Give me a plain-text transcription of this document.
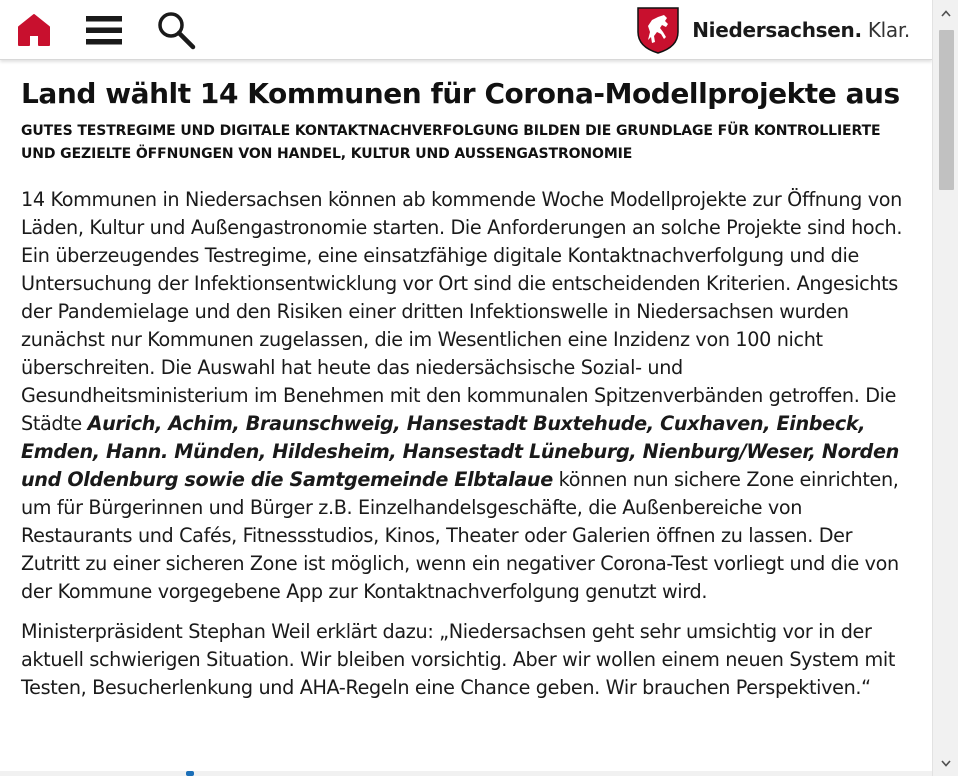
Niedersachsen. Klar.
Land wählt 14 Kommunen für Corona-Modellprojekte aus
GUTES TESTREGIME UND DIGITALE KONTAKTNACHVERFOLGUNG BILDEN DIE GRUNDLAGE FÜR KONTROLLIERTE UND GEZIELTE ÖFFNUNGEN VON HANDEL, KULTUR UND AUSSENGASTRONOMIE

14 Kommunen in Niedersachsen können ab kommende Woche Modellprojekte zur Öffnung von Läden, Kultur und Außengastronomie starten. Die Anforderungen an solche Projekte sind hoch. Ein überzeugendes Testregime, eine einsatzfähige digitale Kontaktnachverfolgung und die Untersuchung der Infektionsentwicklung vor Ort sind die entscheidenden Kriterien. Angesichts der Pandemielage und den Risiken einer dritten Infektionswelle in Niedersachsen wurden zunächst nur Kommunen zugelassen, die im Wesentlichen eine Inzidenz von 100 nicht überschreiten. Die Auswahl hat heute das niedersächsische Sozial- und Gesundheitsministerium im Benehmen mit den kommunalen Spitzenverbänden getroffen. Die Städte Aurich, Achim, Braunschweig, Hansestadt Buxtehude, Cuxhaven, Einbeck, Emden, Hann. Münden, Hildesheim, Hansestadt Lüneburg, Nienburg/Weser, Norden und Oldenburg sowie die Samtgemeinde Elbtalaue können nun sichere Zone einrichten, um für Bürgerinnen und Bürger z.B. Einzelhandelsgeschäfte, die Außenbereiche von Restaurants und Cafés, Fitnessstudios, Kinos, Theater oder Galerien öffnen zu lassen. Der Zutritt zu einer sicheren Zone ist möglich, wenn ein negativer Corona-Test vorliegt und die von der Kommune vorgegebene App zur Kontaktnachverfolgung genutzt wird.

Ministerpräsident Stephan Weil erklärt dazu: „Niedersachsen geht sehr umsichtig vor in der aktuell schwierigen Situation. Wir bleiben vorsichtig. Aber wir wollen einem neuen System mit Testen, Besucherlenkung und AHA-Regeln eine Chance geben. Wir brauchen Perspektiven.“
